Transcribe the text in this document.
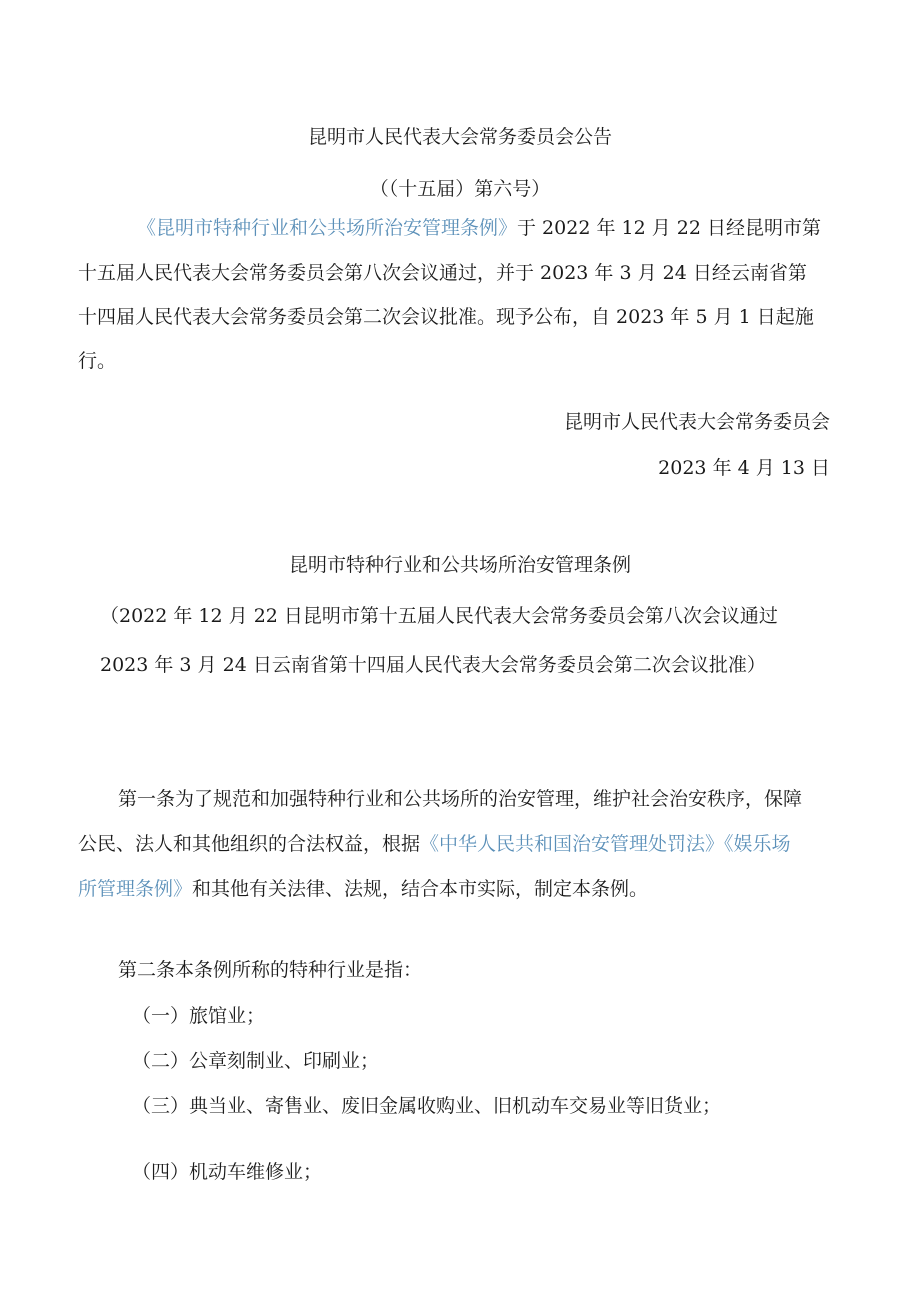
昆明市人民代表大会常务委员会公告
（（十五届）第六号）
《昆明市特种行业和公共场所治安管理条例》于 2022 年 12 月 22 日经昆明市第
十五届人民代表大会常务委员会第八次会议通过，并于 2023 年 3 月 24 日经云南省第
十四届人民代表大会常务委员会第二次会议批准。现予公布，自 2023 年 5 月 1 日起施
行。
昆明市人民代表大会常务委员会
2023 年 4 月 13 日
昆明市特种行业和公共场所治安管理条例
（2022 年 12 月 22 日昆明市第十五届人民代表大会常务委员会第八次会议通过
2023 年 3 月 24 日云南省第十四届人民代表大会常务委员会第二次会议批准）
第一条为了规范和加强特种行业和公共场所的治安管理，维护社会治安秩序，保障
公民、法人和其他组织的合法权益，根据《中华人民共和国治安管理处罚法》《娱乐场
所管理条例》和其他有关法律、法规，结合本市实际，制定本条例。
第二条本条例所称的特种行业是指：
（一）旅馆业；
（二）公章刻制业、印刷业；
（三）典当业、寄售业、废旧金属收购业、旧机动车交易业等旧货业；
（四）机动车维修业；
